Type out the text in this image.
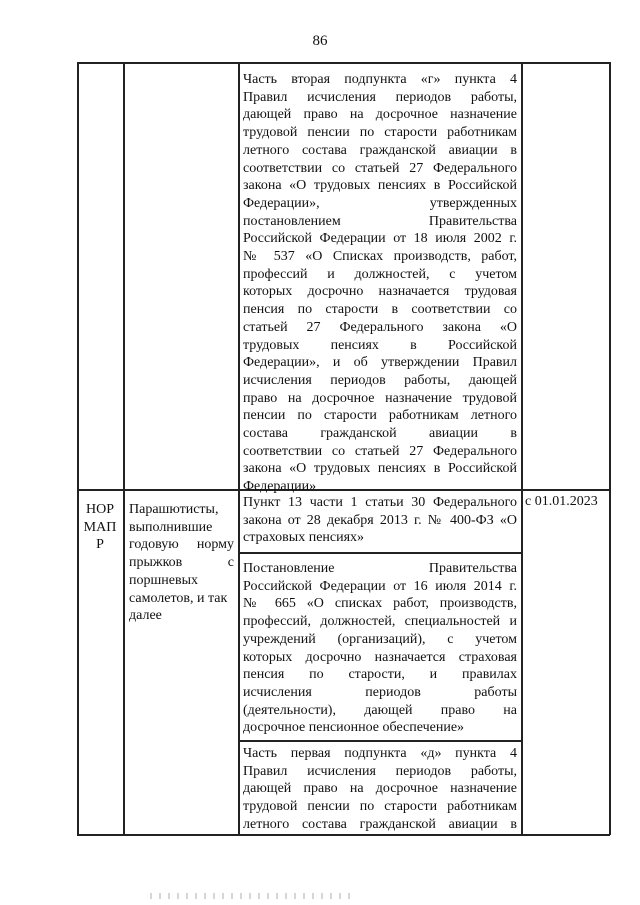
86
Часть вторая подпункта «г» пункта 4
Правил исчисления периодов работы,
дающей право на досрочное назначение
трудовой пенсии по старости работникам
летного состава гражданской авиации в
соответствии со статьей 27 Федерального
закона «О трудовых пенсиях в Российской
Федерации», утвержденных
постановлением Правительства
Российской Федерации от 18 июля 2002 г.
№ 537 «О Списках производств, работ,
профессий и должностей, с учетом
которых досрочно назначается трудовая
пенсия по старости в соответствии со
статьей 27 Федерального закона «О
трудовых пенсиях в Российской
Федерации», и об утверждении Правил
исчисления периодов работы, дающей
право на досрочное назначение трудовой
пенсии по старости работникам летного
состава гражданской авиации в
соответствии со статьей 27 Федерального
закона «О трудовых пенсиях в Российской
Федерации»
НОР
МАП
Р
Парашютисты,
выполнившие
годовую норму
прыжков с
поршневых
самолетов, и так
далее
с 01.01.2023
Пункт 13 части 1 статьи 30 Федерального
закона от 28 декабря 2013 г. № 400-ФЗ «О
страховых пенсиях»
Постановление Правительства
Российской Федерации от 16 июля 2014 г.
№ 665 «О списках работ, производств,
профессий, должностей, специальностей и
учреждений (организаций), с учетом
которых досрочно назначается страховая
пенсия по старости, и правилах
исчисления периодов работы
(деятельности), дающей право на
досрочное пенсионное обеспечение»
Часть первая подпункта «д» пункта 4
Правил исчисления периодов работы,
дающей право на досрочное назначение
трудовой пенсии по старости работникам
летного состава гражданской авиации в
